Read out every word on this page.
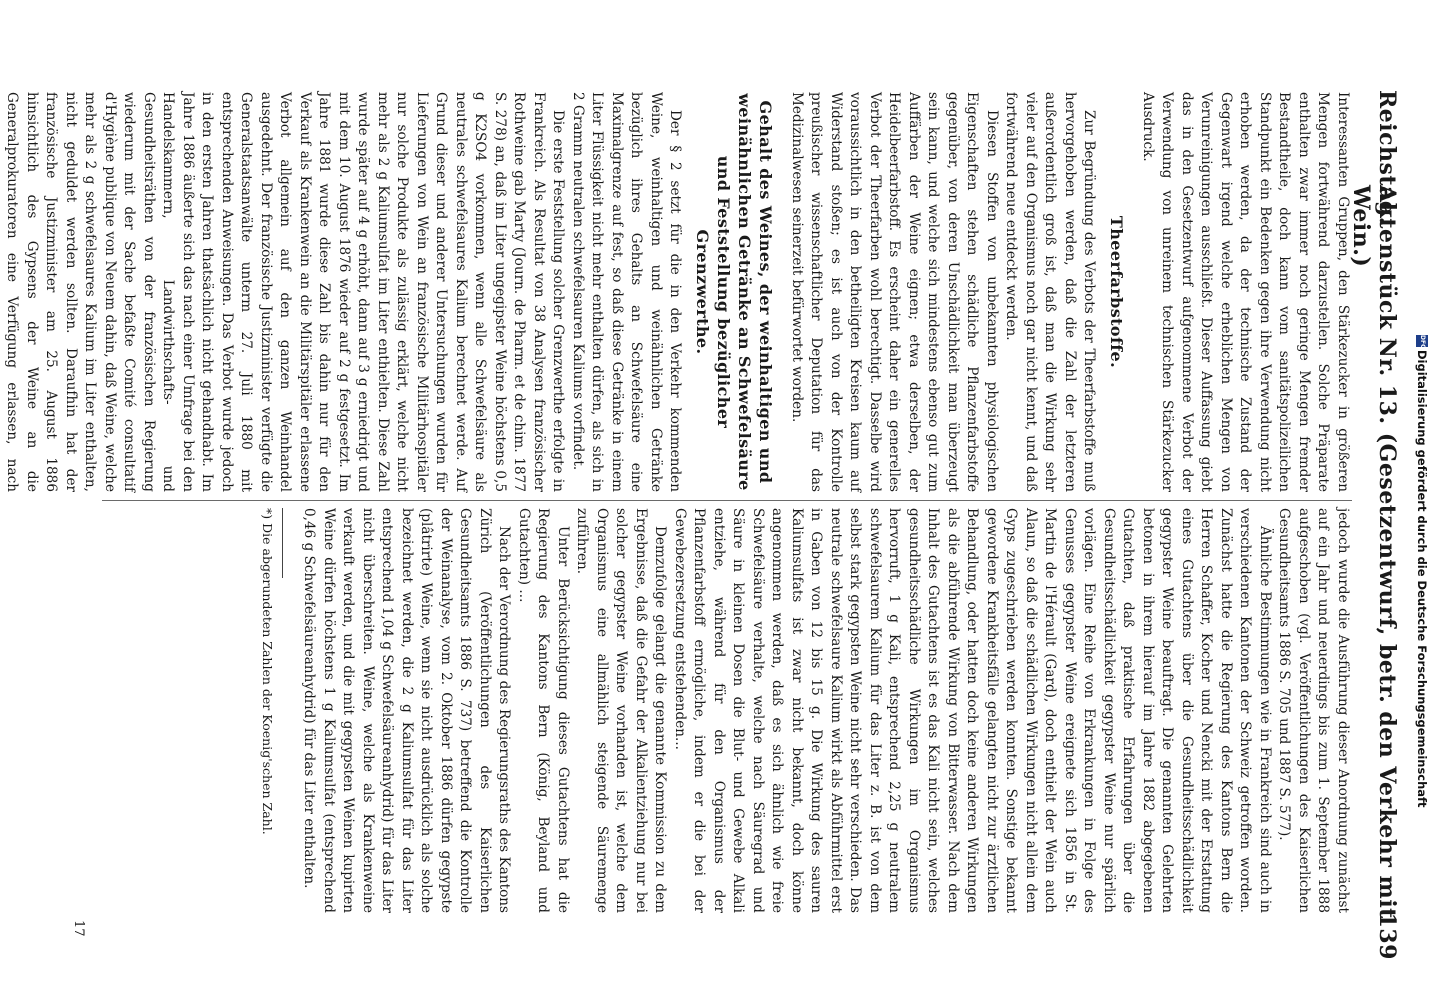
DFG
Digitalisierung gefördert durch die Deutsche Forschungsgemeinschaft
Reichstag.
Aktenstück Nr. 13. (Gesetzentwurf, betr. den Verkehr mit Wein.)
139

Interessanten Gruppen, den Stärkezucker in größeren Mengen fortwährend darzustellen. Solche Präparate enthalten zwar immer noch geringe Mengen fremder Bestandtheile, doch kann vom sanitätspolizeilichen Standpunkt ein Bedenken gegen ihre Verwendung nicht erhoben werden, da der technische Zustand der Gegenwart irgend welche erheblichen Mengen von Verunreinigungen ausschließt. Dieser Auffassung giebt das in den Gesetzentwurf aufgenommene Verbot der Verwendung von unreinem technischen Stärkezucker Ausdruck.

Theerfarbstoffe.

Zur Begründung des Verbots der Theerfarbstoffe muß hervorgehoben werden, daß die Zahl der letzteren außerordentlich groß ist, daß man die Wirkung sehr vieler auf den Organismus noch gar nicht kennt, und daß fortwährend neue entdeckt werden.

Diesen Stoffen von unbekannten physiologischen Eigenschaften stehen schädliche Pflanzenfarbstoffe gegenüber, von deren Unschädlichkeit man überzeugt sein kann, und welche sich mindestens ebenso gut zum Auffärben der Weine eignen; etwa derselben, der Heidelbeerfarbstoff. Es erscheint daher ein generelles Verbot der Theerfarben wohl berechtigt. Dasselbe wird voraussichtlich in den betheiligten Kreisen kaum auf Widerstand stoßen; es ist auch von der Kontrolle preußischer wissenschaftlicher Deputation für das Medizinalwesen seinerzeit befürwortet worden.

Gehalt des Weines, der weinhaltigen und weinähnlichen Getränke an Schwefelsäure und Feststellung bezüglicher Grenzwerthe.

Der § 2 setzt für die in den Verkehr kommenden Weine, weinhaltigen und weinähnlichen Getränke bezüglich ihres Gehalts an Schwefelsäure eine Maximalgrenze auf fest, so daß diese Getränke in einem Liter Flüssigkeit nicht mehr enthalten dürfen, als sich in 2 Gramm neutralen schwefelsauren Kaliums vorfindet.

Die erste Feststellung solcher Grenzwerthe erfolgte in Frankreich. Als Resultat von 38 Analysen französischer Rothweine gab Marty (Journ. de Pharm. et de chim. 1877 S. 278) an, daß im Liter ungegipster Weine höchstens 0,5 g K2SO4 vorkommen, wenn alle Schwefelsäure als neutrales schwefelsaures Kalium berechnet werde. Auf Grund dieser und anderer Untersuchungen wurden für Lieferungen von Wein an französische Militärhospitäler nur solche Produkte als zulässig erklärt, welche nicht mehr als 2 g Kaliumsulfat im Liter enthielten. Diese Zahl wurde später auf 4 g erhöht, dann auf 3 g erniedrigt und mit dem 10. August 1876 wieder auf 2 g festgesetzt. Im Jahre 1881 wurde diese Zahl bis dahin nur für den Verkauf als Krankenwein an die Militärspitäler erlassene Verbot allgemein auf den ganzen Weinhandel ausgedehnt. Der französische Justizminister verfügte die Generalstaatsanwälte unterm 27. Juli 1880 mit entsprechenden Anweisungen. Das Verbot wurde jedoch in den ersten Jahren thatsächlich nicht gehandhabt. Im Jahre 1886 äußerte sich das nach einer Umfrage bei den Handelskammern, Landwirthschafts- und Gesundheitsräthen von der französischen Regierung wiederum mit der Sache befaßte Comité consultatif d'Hygiène publique von Neuem dahin, daß Weine, welche mehr als 2 g schwefelsaures Kalium im Liter enthalten, nicht geduldet werden sollten. Daraufhin hat der französische Justizminister am 25. August 1886 hinsichtlich des Gypsens der Weine an die Generalprokuratoren eine Verfügung erlassen, nach

jedoch wurde die Ausführung dieser Anordnung zunächst auf ein Jahr und neuerdings bis zum 1. September 1888 aufgeschoben (vgl. Veröffentlichungen des Kaiserlichen Gesundheitsamts 1886 S. 705 und 1887 S. 577).

Ähnliche Bestimmungen wie in Frankreich sind auch in verschiedenen Kantonen der Schweiz getroffen worden. Zunächst hatte die Regierung des Kantons Bern die Herren Schaffer, Kocher und Nencki mit der Erstattung eines Gutachtens über die Gesundheitsschädlichkeit gegypster Weine beauftragt. Die genannten Gelehrten betonen in ihrem hierauf im Jahre 1882 abgegebenen Gutachten, daß praktische Erfahrungen über die Gesundheitsschädlichkeit gegypster Weine nur spärlich vorlägen. Eine Reihe von Erkrankungen in Folge des Genusses gegypster Weine ereignete sich 1856 in St. Martin de l'Hérault (Gard), doch enthielt der Wein auch Alaun, so daß die schädlichen Wirkungen nicht allein dem Gyps zugeschrieben werden konnten. Sonstige bekannt gewordene Krankheitsfälle gelangten nicht zur ärztlichen Behandlung, oder hatten doch keine anderen Wirkungen als die abführende Wirkung von Bitterwasser. Nach dem Inhalt des Gutachtens ist es das Kali nicht sein, welches gesundheitsschädliche Wirkungen im Organismus hervorruft, 1 g Kali, entsprechend 2,25 g neutralem schwefelsaurem Kalium für das Liter z. B. ist von dem selbst stark gegypsten Weine nicht sehr verschieden. Das neutrale schwefelsaure Kalium wirkt als Abführmittel erst in Gaben von 12 bis 15 g. Die Wirkung des sauren Kaliumsulfats ist zwar nicht bekannt, doch könne angenommen werden, daß es sich ähnlich wie freie Schwefelsäure verhalte, welche nach Säuregrad und Säure in kleinen Dosen die Blut- und Gewebe Alkali entziehe, während für den Organismus der Pflanzenfarbstoff ermögliche, indem er die bei der Gewebezersetzung entstehenden...

Demzufolge gelangt die genannte Kommission zu dem Ergebnisse, daß die Gefahr der Alkalientziehung nur bei solcher gegypster Weine vorhanden ist, welche dem Organismus eine allmählich steigende Säuremenge zuführen.

Unter Berücksichtigung dieses Gutachtens hat die Regierung des Kantons Bern (König, Beyland und Gutachten) ...

Nach der Verordnung des Regierungsraths des Kantons Zürich (Veröffentlichungen des Kaiserlichen Gesundheitsamts 1886 S. 737) betreffend die Kontrolle der Weinanalyse, vom 2. Oktober 1886 dürfen gegypste (plâtrirte) Weine, wenn sie nicht ausdrücklich als solche bezeichnet werden, die 2 g Kaliumsulfat für das Liter entsprechend 1,04 g Schwefelsäureanhydrid) für das Liter nicht überschreiten. Weine, welche als Krankenweine verkauft werden, und die mit gegypsten Weinen kupirten Weine dürfen höchstens 1 g Kaliumsulfat (entsprechend 0,46 g Schwefelsäureanhydrid) für das Liter enthalten.

*) Die abgerundeten Zahlen der Koenig'schen Zahl.
17
